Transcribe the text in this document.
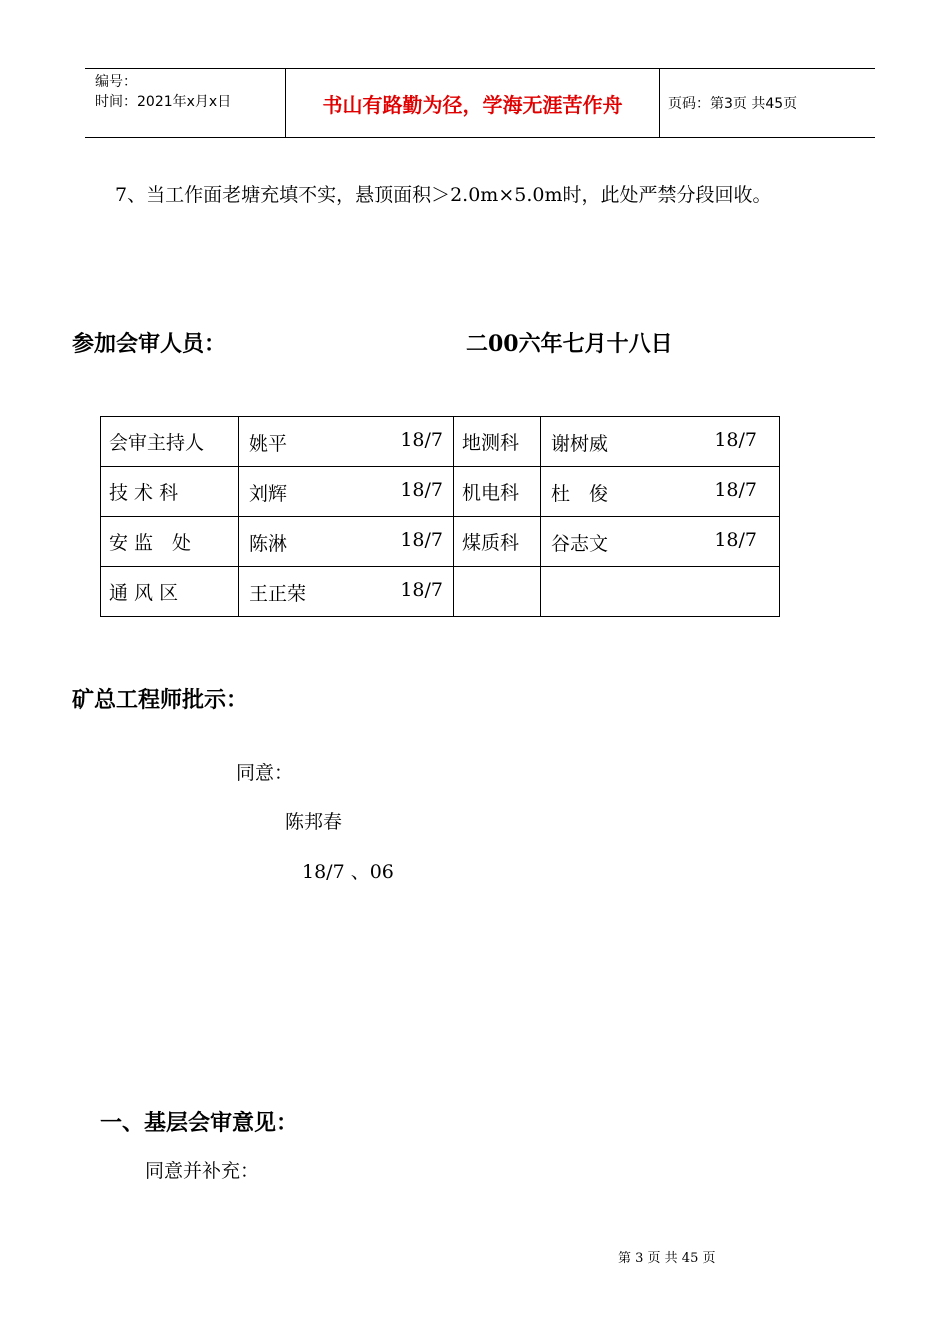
编号：
时间：2021年x月x日	书山有路勤为径，学海无涯苦作舟	页码：第3页 共45页
7、当工作面老塘充填不实，悬顶面积＞2.0m×5.0m时，此处严禁分段回收。
参加会审人员：	二00六年七月十八日
会审主持人	姚平 18/7	地测科	谢树威 18/7

技 术 科	刘辉 18/7	机电科	杜　俊 18/7

安 监　处	陈淋 18/7	煤质科	谷志文 18/7

通 风 区	王正荣 18/7		

矿总工程师批示：
同意：
陈邦春
18/7 、06
一、基层会审意见：
同意并补充：
第 3 页 共 45 页
